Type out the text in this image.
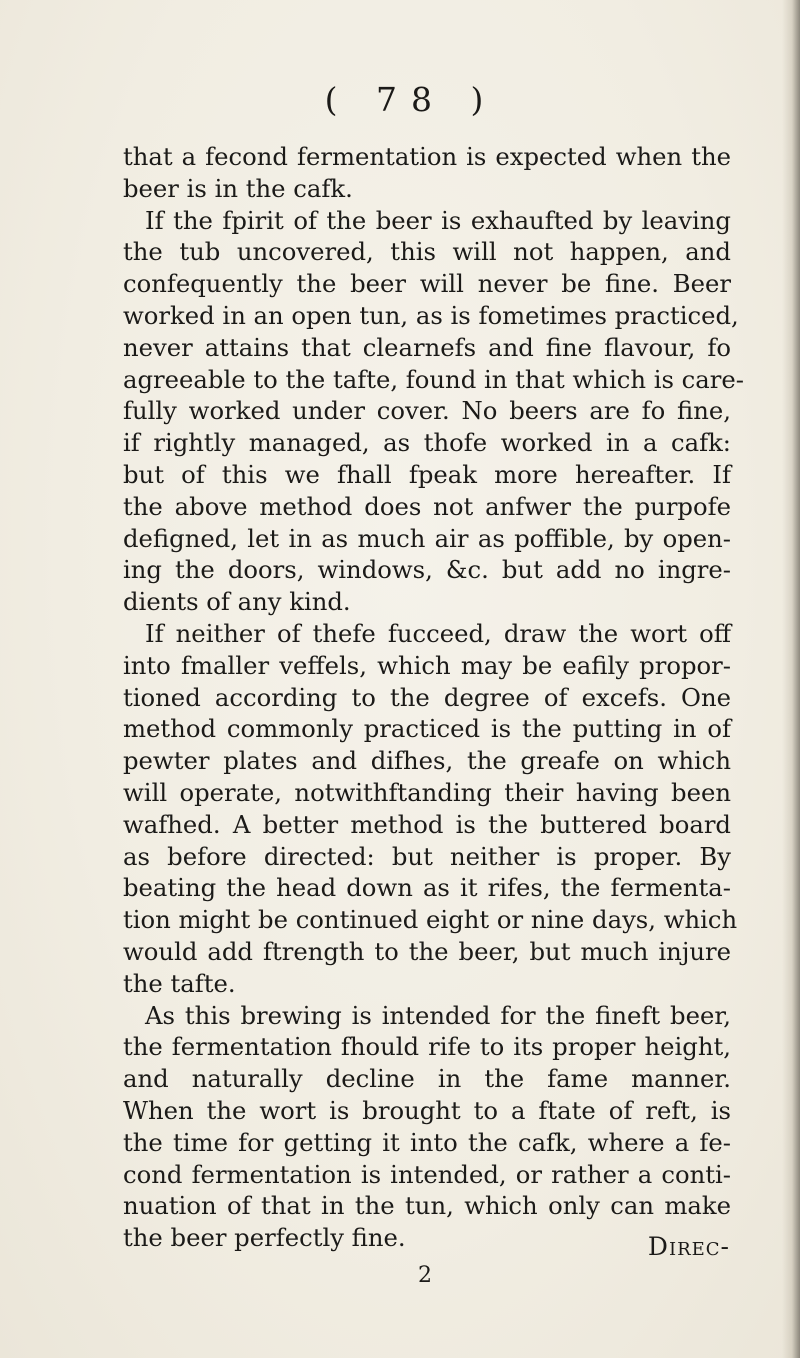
( 78 )
that a fecond fermentation is expected when the
beer is in the cafk.
If the fpirit of the beer is exhaufted by leaving
the tub uncovered, this will not happen, and
confequently the beer will never be fine. Beer
worked in an open tun, as is fometimes practiced,
never attains that clearnefs and fine flavour, fo
agreeable to the tafte, found in that which is care-
fully worked under cover. No beers are fo fine,
if rightly managed, as thofe worked in a cafk:
but of this we fhall fpeak more hereafter. If
the above method does not anfwer the purpofe
defigned, let in as much air as poffible, by open-
ing the doors, windows, &c. but add no ingre-
dients of any kind.
If neither of thefe fucceed, draw the wort off
into fmaller veffels, which may be eafily propor-
tioned according to the degree of excefs. One
method commonly practiced is the putting in of
pewter plates and difhes, the greafe on which
will operate, notwithftanding their having been
wafhed. A better method is the buttered board
as before directed: but neither is proper. By
beating the head down as it rifes, the fermenta-
tion might be continued eight or nine days, which
would add ftrength to the beer, but much injure
the tafte.
As this brewing is intended for the fineft beer,
the fermentation fhould rife to its proper height,
and naturally decline in the fame manner.
When the wort is brought to a ftate of reft, is
the time for getting it into the cafk, where a fe-
cond fermentation is intended, or rather a conti-
nuation of that in the tun, which only can make
the beer perfectly fine.	Direc-
2
